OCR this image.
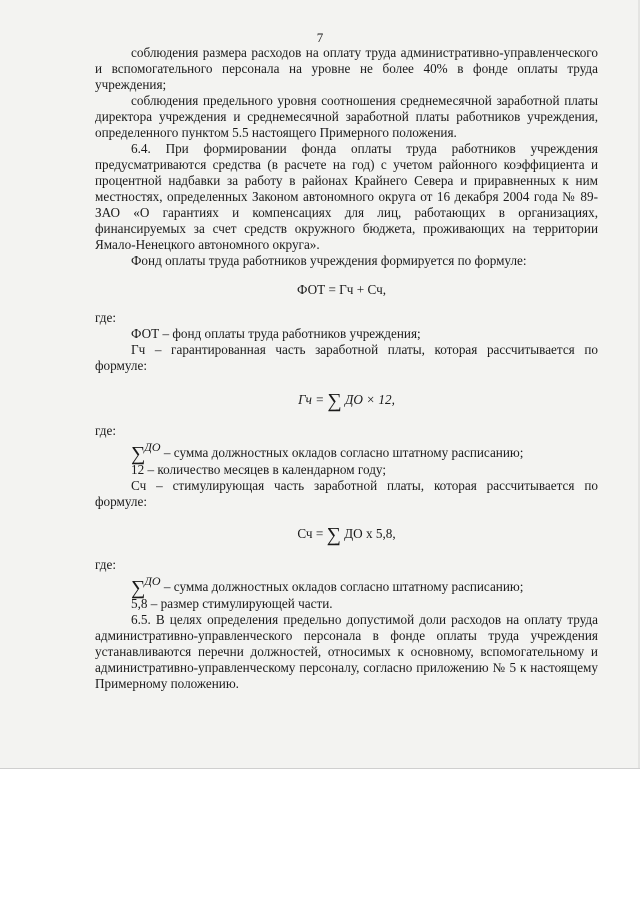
7

соблюдения размера расходов на оплату труда административно-управленческого и вспомогательного персонала на уровне не более 40% в фонде оплаты труда учреждения;

соблюдения предельного уровня соотношения среднемесячной заработной платы директора учреждения и среднемесячной заработной платы работников учреждения, определенного пунктом 5.5 настоящего Примерного положения.

6.4. При формировании фонда оплаты труда работников учреждения предусматриваются средства (в расчете на год) с учетом районного коэффициента и процентной надбавки за работу в районах Крайнего Севера и приравненных к ним местностях, определенных Законом автономного округа от 16 декабря 2004 года № 89-ЗАО «О гарантиях и компенсациях для лиц, работающих в организациях, финансируемых за счет средств окружного бюджета, проживающих на территории Ямало-Ненецкого автономного округа».

Фонд оплаты труда работников учреждения формируется по формуле:

ФОТ = Гч + Сч,

где:

ФОТ – фонд оплаты труда работников учреждения;

Гч – гарантированная часть заработной платы, которая рассчитывается по формуле:

Гч = ∑ ДО × 12,

где:

∑ДО – сумма должностных окладов согласно штатному расписанию;

12 – количество месяцев в календарном году;

Сч – стимулирующая часть заработной платы, которая рассчитывается по формуле:

Сч = ∑ ДО х 5,8,

где:

∑ДО – сумма должностных окладов согласно штатному расписанию;

5,8 – размер стимулирующей части.

6.5. В целях определения предельно допустимой доли расходов на оплату труда административно-управленческого персонала в фонде оплаты труда учреждения устанавливаются перечни должностей, относимых к основному, вспомогательному и административно-управленческому персоналу, согласно приложению № 5 к настоящему Примерному положению.
